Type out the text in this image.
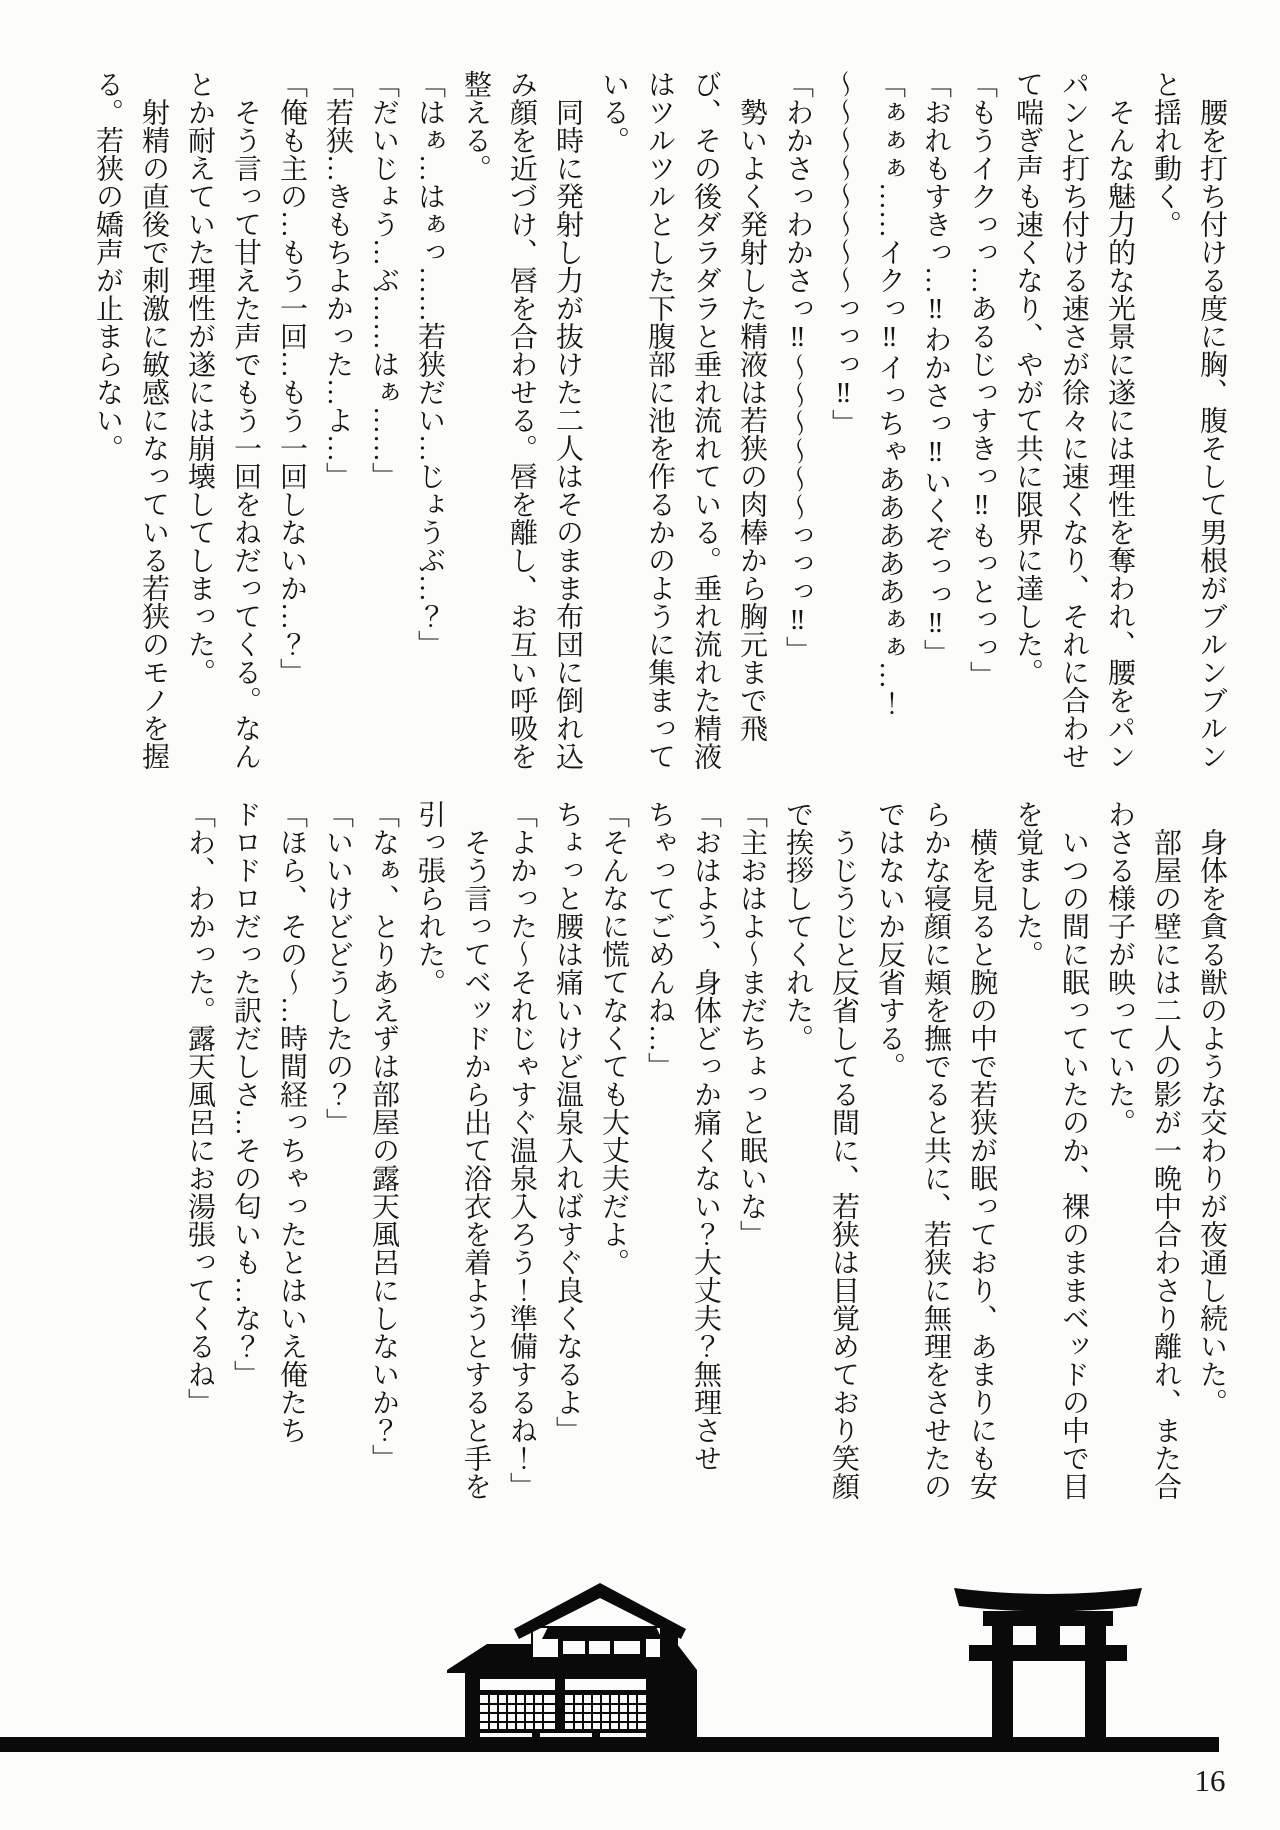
　腰を打ち付ける度に胸、腹そして男根がブルンブルン

と揺れ動く。

　そんな魅力的な光景に遂には理性を奪われ、腰をパン

パンと打ち付ける速さが徐々に速くなり、それに合わせ

て喘ぎ声も速くなり、やがて共に限界に達した。

「もうイクっっ…あるじっすきっ‼もっとっっ」

「おれもすきっ…‼わかさっ‼いくぞっっ‼」

「ぁぁぁ……イクっ‼イっちゃあああああぁぁ…！

〜〜〜〜〜〜〜〜っっっ‼」

「わかさっわかさっ‼〜〜〜〜〜〜っっっ‼」

　勢いよく発射した精液は若狭の肉棒から胸元まで飛

び、その後ダラダラと垂れ流れている。垂れ流れた精液

はツルツルとした下腹部に池を作るかのように集まって

いる。

　同時に発射し力が抜けた二人はそのまま布団に倒れ込

み顔を近づけ、唇を合わせる。唇を離し、お互い呼吸を

整える。

「はぁ…はぁっ……若狭だい…じょうぶ…？」

「だいじょう…ぶ……はぁ……」

「若狭…きもちよかった…よ…」

「俺も主の…もう一回…もう一回しないか…？」

　そう言って甘えた声でもう一回をねだってくる。なん

とか耐えていた理性が遂には崩壊してしまった。

　射精の直後で刺激に敏感になっている若狭のモノを握

る。若狭の嬌声が止まらない。

　身体を貪る獣のような交わりが夜通し続いた。

　部屋の壁には二人の影が一晩中合わさり離れ、また合

わさる様子が映っていた。

　いつの間に眠っていたのか、裸のままベッドの中で目

を覚ました。

　横を見ると腕の中で若狭が眠っており、あまりにも安

らかな寝顔に頬を撫でると共に、若狭に無理をさせたの

ではないか反省する。

　うじうじと反省してる間に、若狭は目覚めており笑顔

で挨拶してくれた。

「主おはよ〜まだちょっと眠いな」

「おはよう、身体どっか痛くない？大丈夫？無理させ

ちゃってごめんね…」

「そんなに慌てなくても大丈夫だよ。

ちょっと腰は痛いけど温泉入ればすぐ良くなるよ」

「よかった〜それじゃすぐ温泉入ろう！準備するね！」

　そう言ってベッドから出て浴衣を着ようとすると手を

引っ張られた。

「なぁ、とりあえずは部屋の露天風呂にしないか？」

「いいけどどうしたの？」

「ほら、その〜…時間経っちゃったとはいえ俺たち

ドロドロだった訳だしさ…その匂いも…な？」

「わ、わかった。露天風呂にお湯張ってくるね」

16
